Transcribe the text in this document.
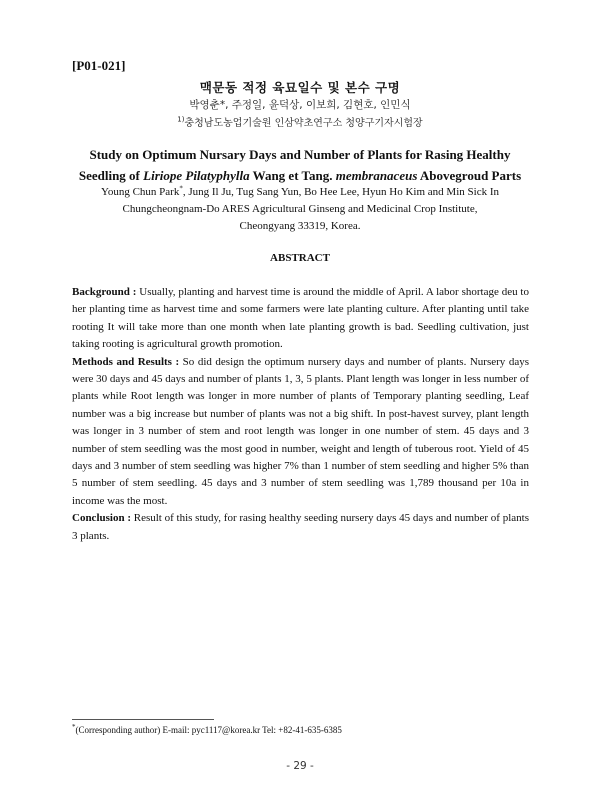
[P01-021]
맥문동 적정 육묘일수 및 본수 구명
박영춘*, 주정일, 윤덕상, 이보희, 김현호, 인민식
$^{1)}$충청남도농업기술원 인삼약초연구소 청양구기자시험장
Study on Optimum Nursary Days and Number of Plants for Rasing Healthy
Seedling of Liriope Pilatyphylla Wang et Tang. membranaceus Abovegroud Parts
Young Chun Park*, Jung Il Ju, Tug Sang Yun, Bo Hee Lee, Hyun Ho Kim and Min Sick In
Chungcheongnam-Do ARES Agricultural Ginseng and Medicinal Crop Institute,
Cheongyang 33319, Korea.
ABSTRACT

Background : Usually, planting and harvest time is around the middle of April. A labor shortage deu to her planting time as harvest time and some farmers were late planting culture. After planting until take rooting It will take more than one month when late planting growth is bad. Seedling cultivation, just taking rooting is agricultural growth promotion.

Methods and Results : So did design the optimum nursery days and number of plants. Nursery days were 30 days and 45 days and number of plants 1, 3, 5 plants. Plant length was longer in less number of plants while Root length was longer in more number of plants of Temporary planting seedling, Leaf number was a big increase but number of plants was not a big shift. In post-havest survey, plant length was longer in 3 number of stem and root length was longer in one number of stem. 45 days and 3 number of stem seedling was the most good in number, weight and length of tuberous root. Yield of 45 days and 3 number of stem seedling was higher 7% than 1 number of stem seedling and higher 5% than 5 number of stem seedling. 45 days and 3 number of stem seedling was 1,789 thousand per 10a in income was the most.

Conclusion : Result of this study, for rasing healthy seeding nursery days 45 days and number of plants 3 plants.

*(Corresponding author) E-mail: pyc1117@korea.kr Tel: +82-41-635-6385
- 29 -
